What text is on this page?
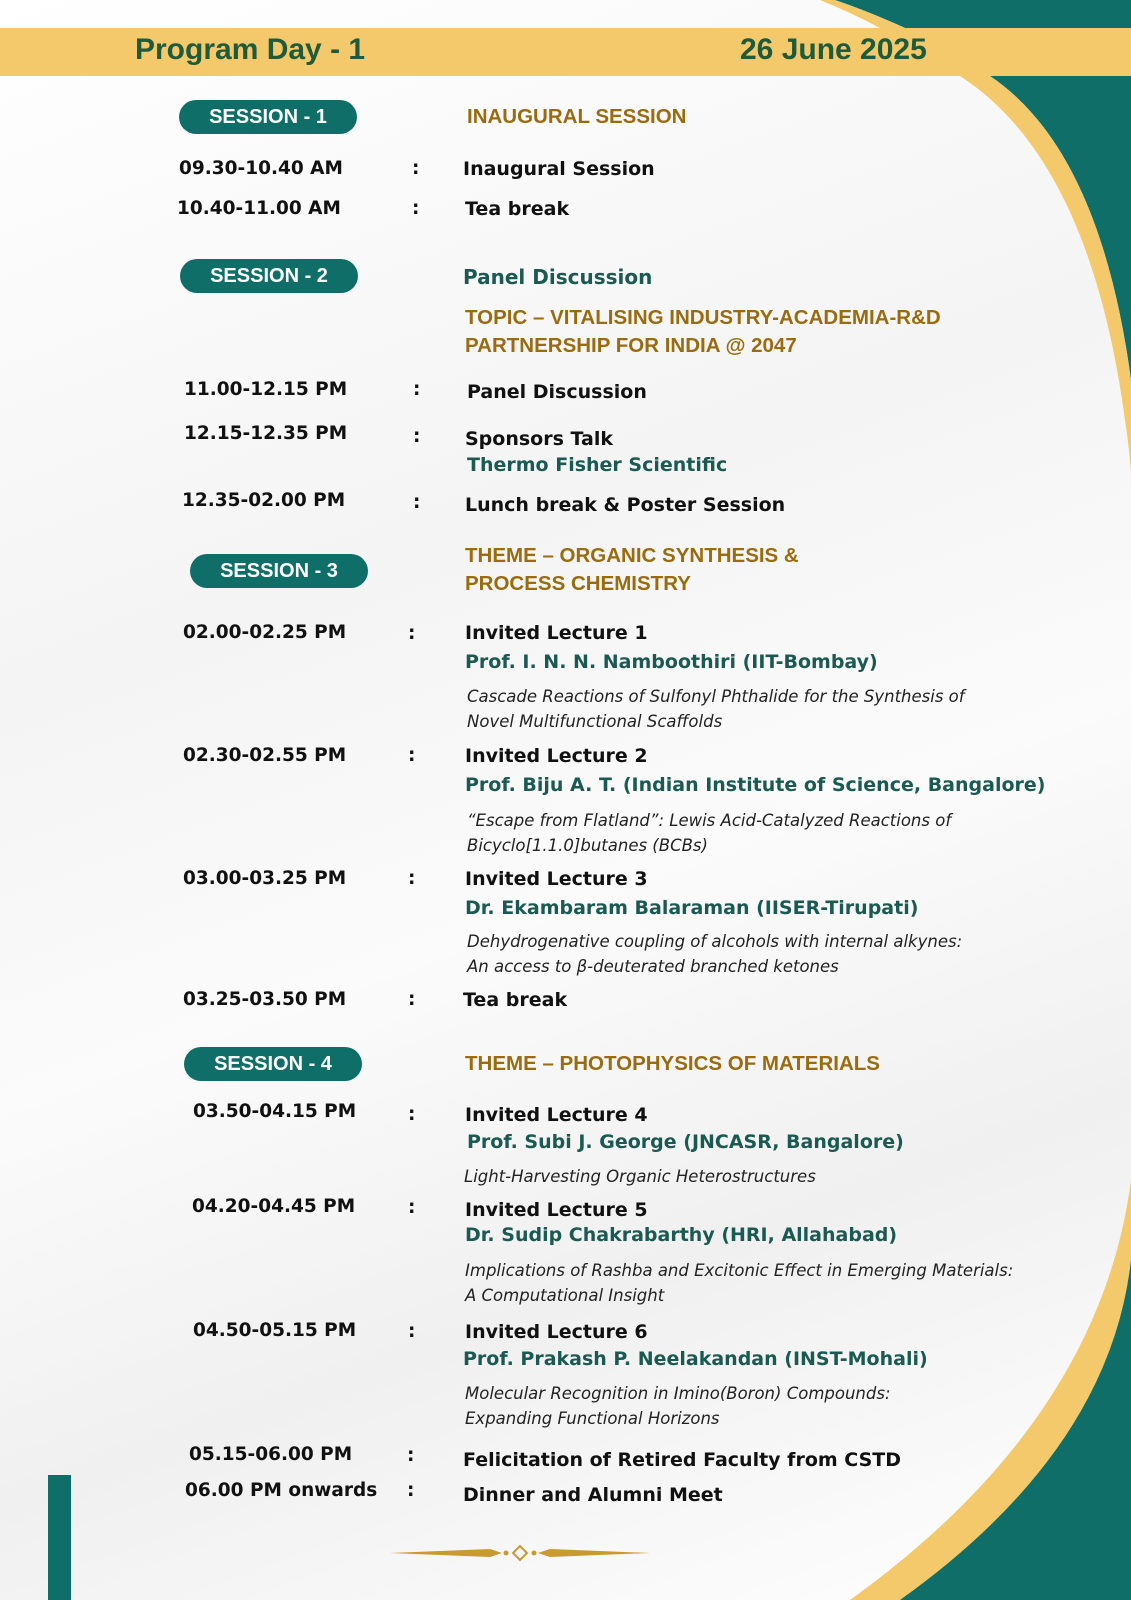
Program Day - 1	26 June 2025
SESSION - 1	INAUGURAL SESSION
09.30-10.40 AM	: Inaugural Session
10.40-11.00 AM	: Tea break
SESSION - 2	Panel Discussion
TOPIC – VITALISING INDUSTRY-ACADEMIA-R&D
PARTNERSHIP FOR INDIA @ 2047
11.00-12.15 PM	: Panel Discussion
12.15-12.35 PM	: Sponsors Talk
Thermo Fisher Scientific
12.35-02.00 PM	: Lunch break & Poster Session
SESSION - 3
THEME – ORGANIC SYNTHESIS &
PROCESS CHEMISTRY
02.00-02.25 PM	:	Invited Lecture 1
Prof. I. N. N. Namboothiri (IIT-Bombay)
Cascade Reactions of Sulfonyl Phthalide for the Synthesis of
Novel Multifunctional Scaffolds
02.30-02.55 PM	:	Invited Lecture 2
Prof. Biju A. T. (Indian Institute of Science, Bangalore)
“Escape from Flatland”: Lewis Acid-Catalyzed Reactions of
Bicyclo[1.1.0]butanes (BCBs)
03.00-03.25 PM	:	Invited Lecture 3
Dr. Ekambaram Balaraman (IISER-Tirupati)
Dehydrogenative coupling of alcohols with internal alkynes:
An access to β-deuterated branched ketones
03.25-03.50 PM	:	Tea break
SESSION - 4	THEME – PHOTOPHYSICS OF MATERIALS
03.50-04.15 PM	:	Invited Lecture 4
Prof. Subi J. George (JNCASR, Bangalore)
Light-Harvesting Organic Heterostructures
04.20-04.45 PM	:	Invited Lecture 5
Dr. Sudip Chakrabarthy (HRI, Allahabad)
Implications of Rashba and Excitonic Effect in Emerging Materials:
A Computational Insight
04.50-05.15 PM	:	Invited Lecture 6
Prof. Prakash P. Neelakandan (INST-Mohali)
Molecular Recognition in Imino(Boron) Compounds:
Expanding Functional Horizons
05.15-06.00 PM	:	Felicitation of Retired Faculty from CSTD
06.00 PM onwards :	Dinner and Alumni Meet
